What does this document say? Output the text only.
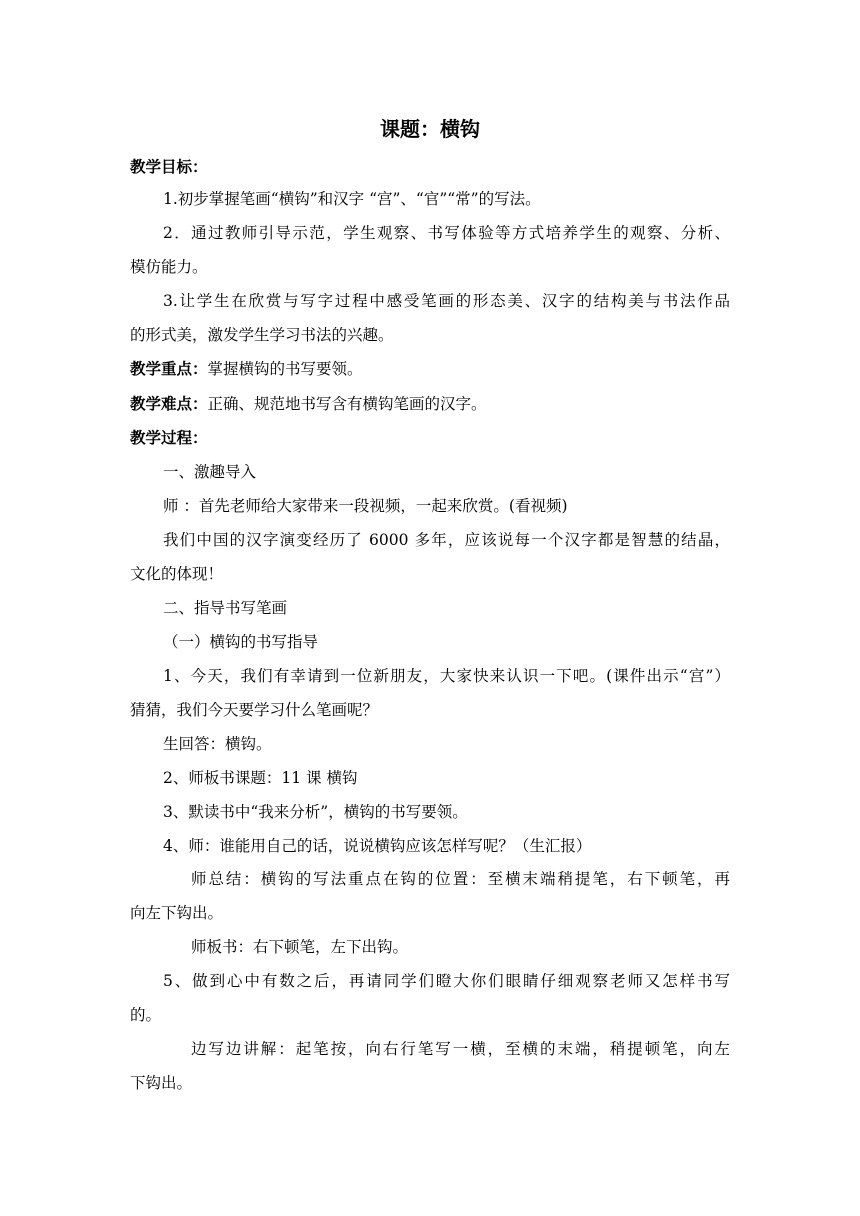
课题：横钩
教学目标：
1.初步掌握笔画“横钩”和汉字 “宫”、“官”“常”的写法。
2．通过教师引导示范，学生观察、书写体验等方式培养学生的观察、分析、
模仿能力。
3.让学生在欣赏与写字过程中感受笔画的形态美、汉字的结构美与书法作品
的形式美，激发学生学习书法的兴趣。
教学重点：掌握横钩的书写要领。
教学难点：正确、规范地书写含有横钩笔画的汉字。
教学过程：
一、激趣导入
师 ：首先老师给大家带来一段视频，一起来欣赏。(看视频)
我们中国的汉字演变经历了 6000 多年，应该说每一个汉字都是智慧的结晶，
文化的体现！
二、指导书写笔画
（一）横钩的书写指导
1、今天，我们有幸请到一位新朋友，大家快来认识一下吧。(课件出示“宫”）
猜猜，我们今天要学习什么笔画呢？
生回答：横钩。
2、师板书课题：11 课 横钩
3、默读书中“我来分析”，横钩的书写要领。
4、师：谁能用自己的话，说说横钩应该怎样写呢？（生汇报）
师总结：横钩的写法重点在钩的位置：至横末端稍提笔，右下顿笔，再
向左下钩出。
师板书：右下顿笔，左下出钩。
5、做到心中有数之后，再请同学们瞪大你们眼睛仔细观察老师又怎样书写
的。
边写边讲解：起笔按，向右行笔写一横，至横的末端，稍提顿笔，向左
下钩出。
